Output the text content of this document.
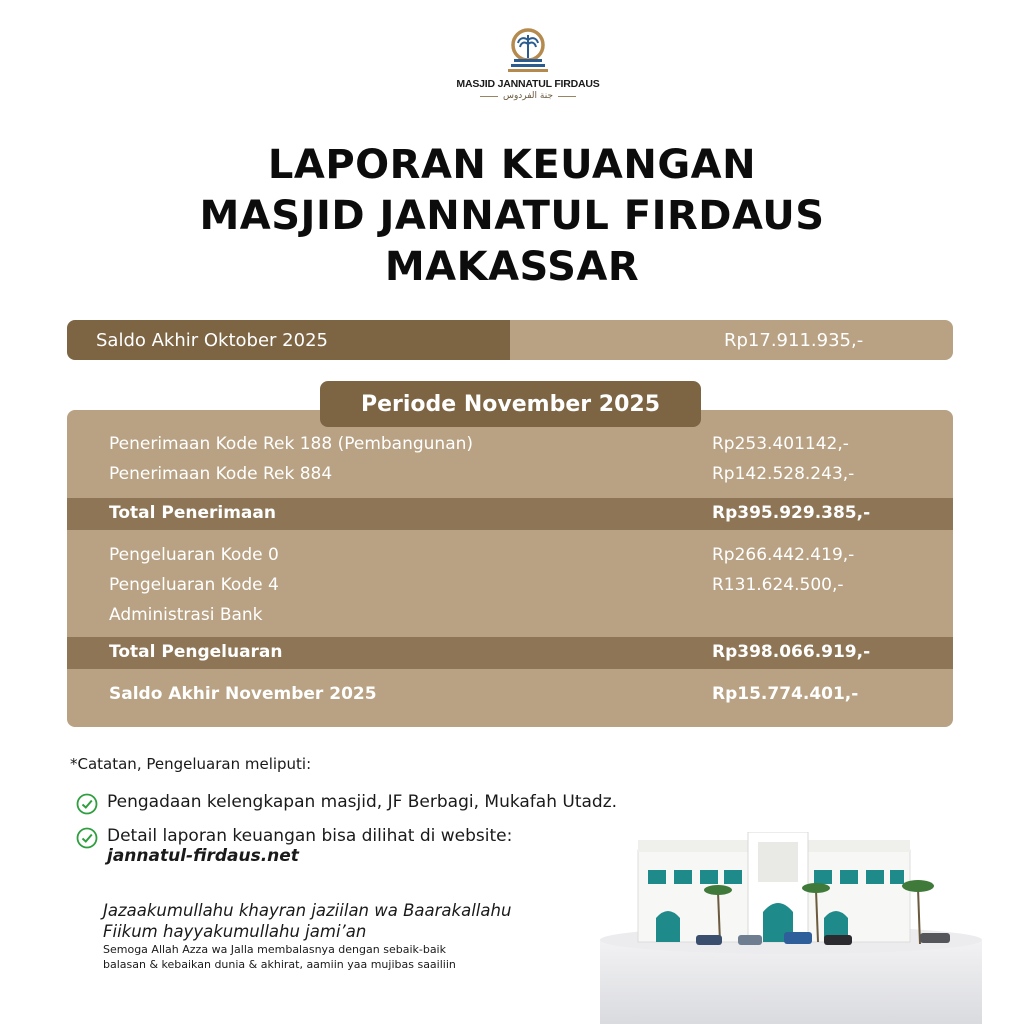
MASJID JANNATUL FIRDAUS
جنة الفردوس
LAPORAN KEUANGAN
MASJID JANNATUL FIRDAUS
MAKASSAR
Saldo Akhir Oktober 2025	Rp17.911.935,-
Periode November 2025
Penerimaan Kode Rek 188 (Pembangunan)	Rp253.401142,-
Penerimaan Kode Rek 884	Rp142.528.243,-
Total Penerimaan	Rp395.929.385,-
Pengeluaran Kode 0	Rp266.442.419,-
Pengeluaran Kode 4	R131.624.500,-
Administrasi Bank
Total Pengeluaran	Rp398.066.919,-
Saldo Akhir November 2025	Rp15.774.401,-
*Catatan, Pengeluaran meliputi:
Pengadaan kelengkapan masjid, JF Berbagi, Mukafah Utadz.
Detail laporan keuangan bisa dilihat di website:
jannatul-firdaus.net
Jazaakumullahu khayran jaziilan wa Baarakallahu
Fiikum hayyakumullahu jami’an
Semoga Allah Azza wa Jalla membalasnya dengan sebaik-baik
balasan & kebaikan dunia & akhirat, aamiin yaa mujibas saailiin
